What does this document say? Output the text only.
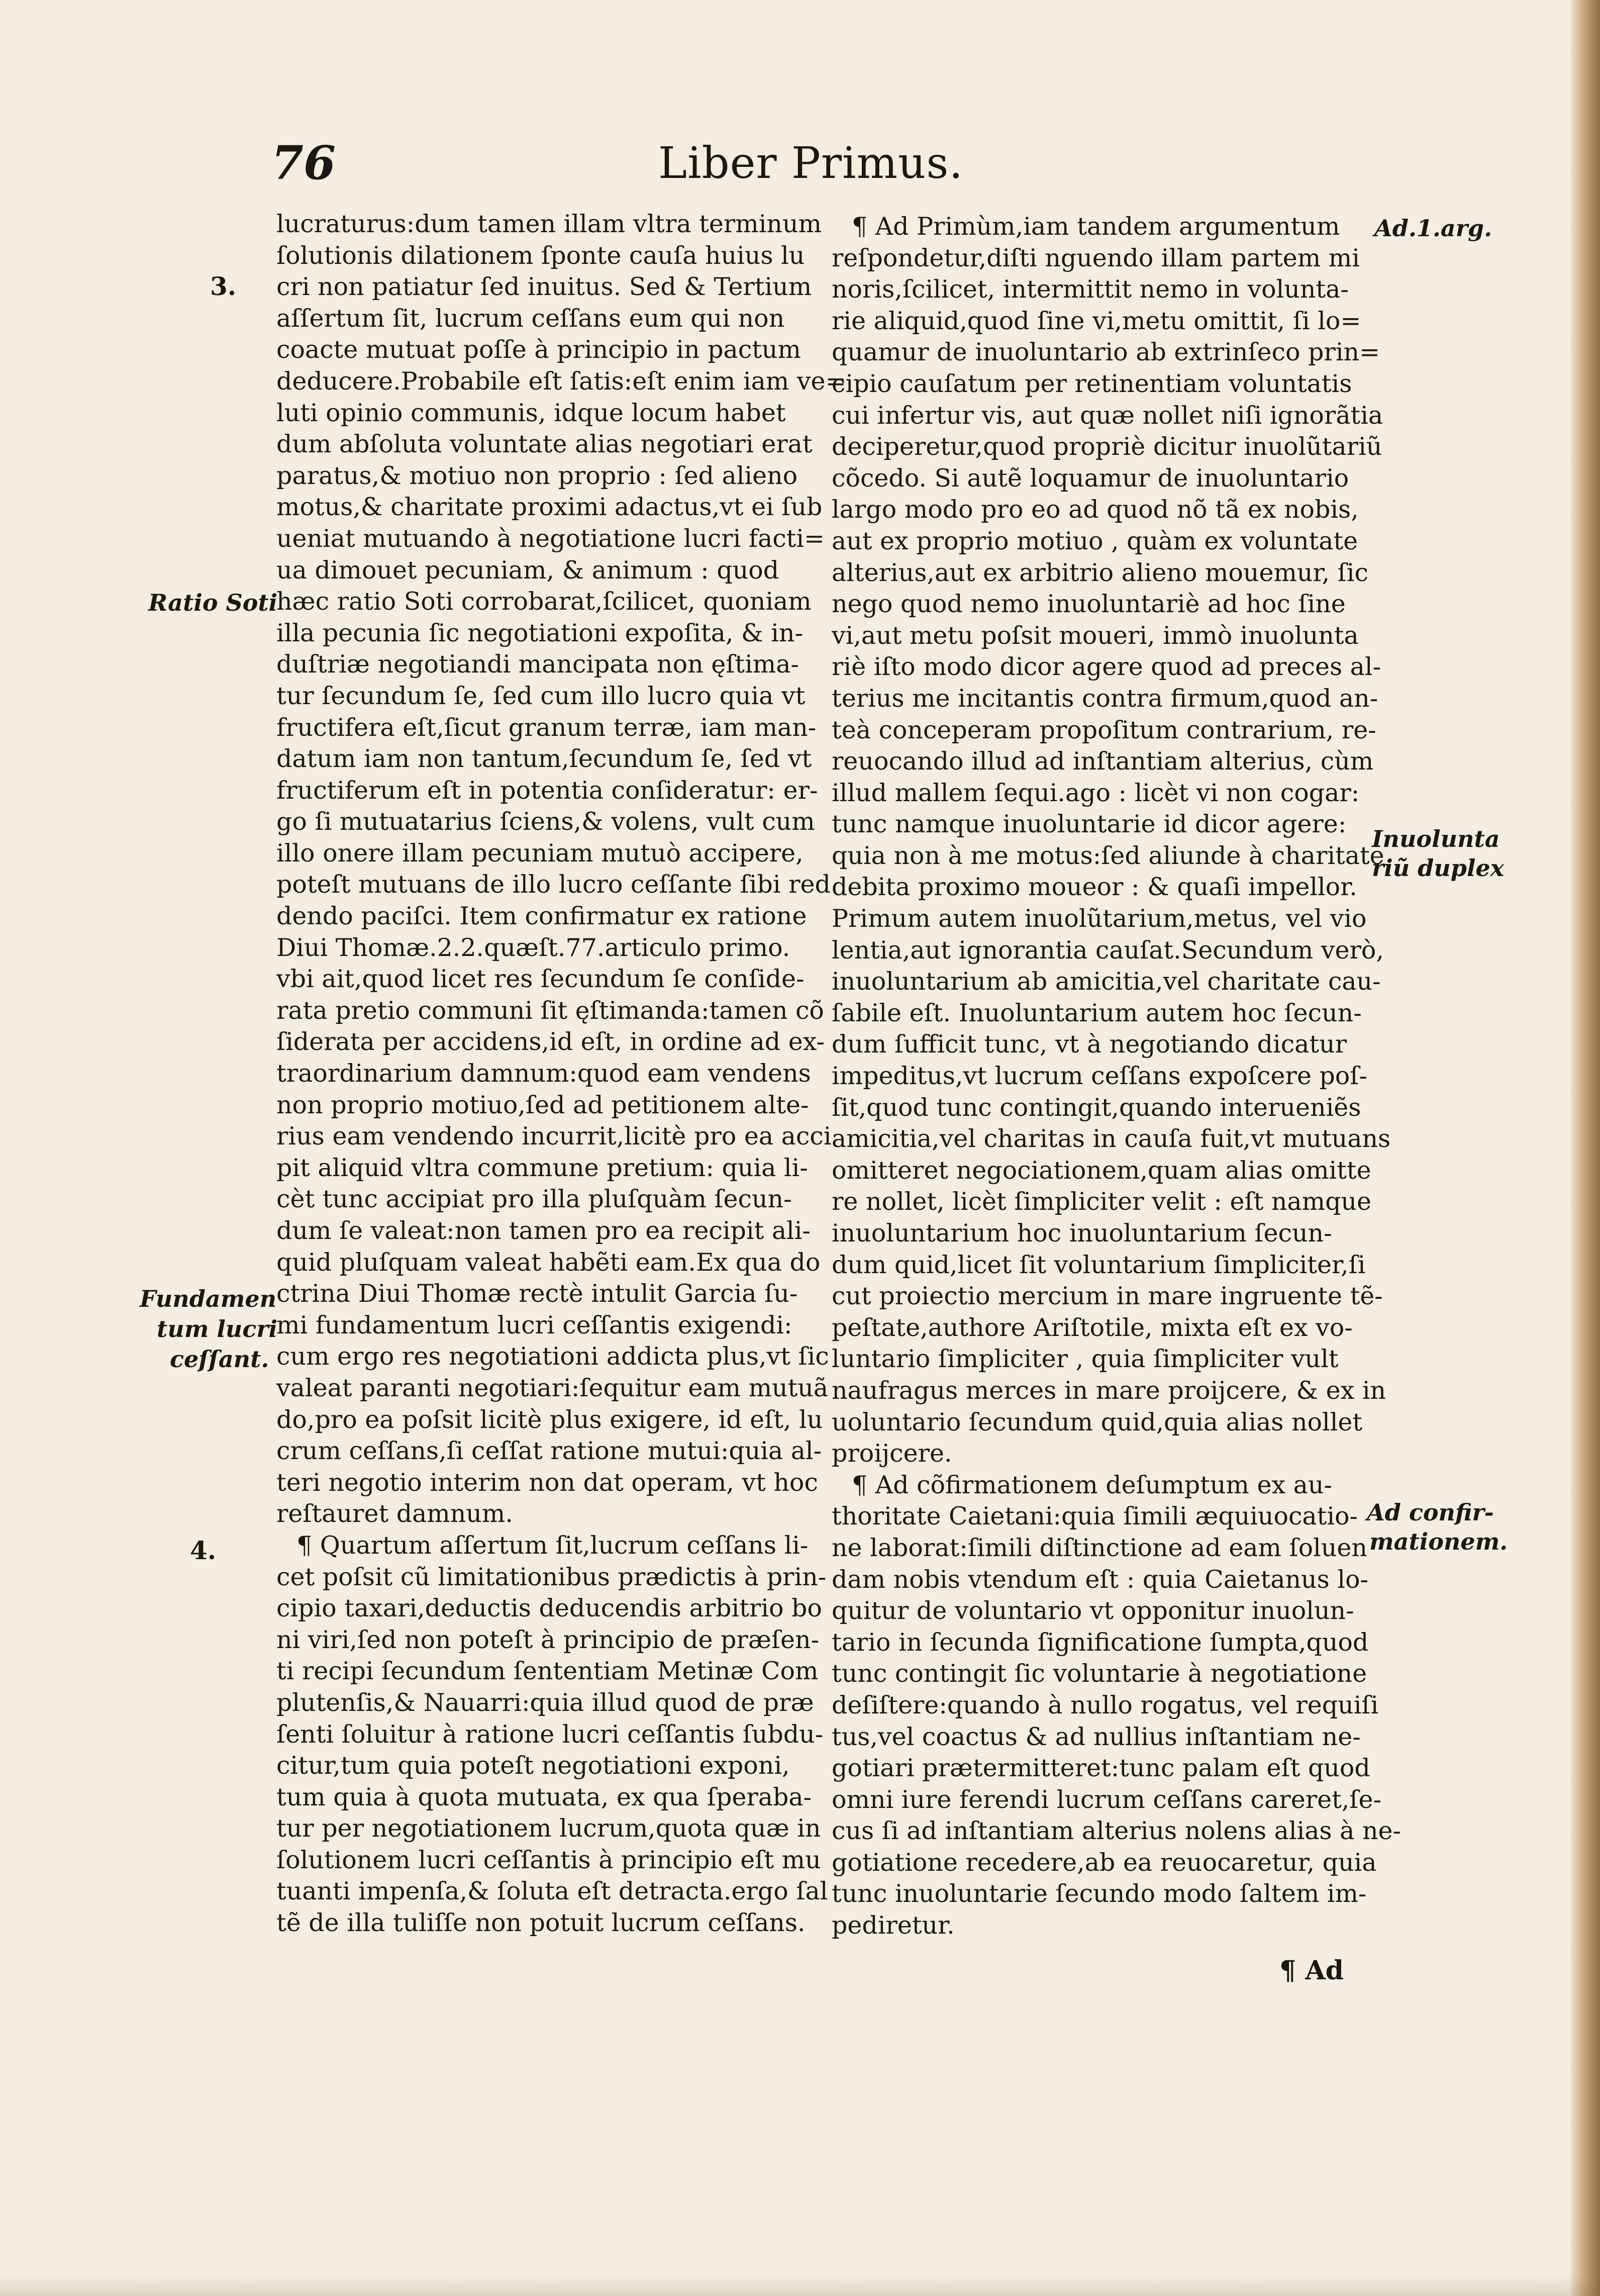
76	Liber Primus.
3.
Ratio Soti
Fundamen
tum lucri
ceſſant.
4.
Ad.1.arg.
Inuolunta
riũ duplex
Ad confir-
mationem.
lucraturus:dum tamen illam vltra terminum
ſolutionis dilationem ſponte cauſa huius lu
cri non patiatur ſed inuitus. Sed & Tertium
aſſertum ſit, lucrum ceſſans eum qui non
coacte mutuat poſſe à principio in pactum
deducere.Probabile eſt ſatis:eſt enim iam ve=
luti opinio communis, idque locum habet
dum abſoluta voluntate alias negotiari erat
paratus,& motiuo non proprio : ſed alieno
motus,& charitate proximi adactus,vt ei ſub
ueniat mutuando à negotiatione lucri facti=
ua dimouet pecuniam, & animum : quod
hæc ratio Soti corrobarat,ſcilicet, quoniam
illa pecunia ſic negotiationi expoſita, & in-
duſtriæ negotiandi mancipata non ęſtima-
tur ſecundum ſe, ſed cum illo lucro quia vt
fructifera eſt,ſicut granum terræ, iam man-
datum iam non tantum,ſecundum ſe, ſed vt
fructiferum eſt in potentia conſideratur: er-
go ſi mutuatarius ſciens,& volens, vult cum
illo onere illam pecuniam mutuò accipere,
poteſt mutuans de illo lucro ceſſante ſibi red
dendo paciſci. Item confirmatur ex ratione
Diui Thomæ.2.2.quæſt.77.articulo primo.
vbi ait,quod licet res ſecundum ſe conſide-
rata pretio communi ſit ęſtimanda:tamen cõ
ſiderata per accidens,id eſt, in ordine ad ex-
traordinarium damnum:quod eam vendens
non proprio motiuo,ſed ad petitionem alte-
rius eam vendendo incurrit,licitè pro ea acci
pit aliquid vltra commune pretium: quia li-
cèt tunc accipiat pro illa pluſquàm ſecun-
dum ſe valeat:non tamen pro ea recipit ali-
quid pluſquam valeat habẽti eam.Ex qua do
ctrina Diui Thomæ rectè intulit Garcia ſu-
mi fundamentum lucri ceſſantis exigendi:
cum ergo res negotiationi addicta plus,vt ſic
valeat paranti negotiari:ſequitur eam mutuã
do,pro ea poſsit licitè plus exigere, id eſt, lu
crum ceſſans,ſi ceſſat ratione mutui:quia al-
teri negotio interim non dat operam, vt hoc
reſtauret damnum.
¶ Quartum aſſertum ſit,lucrum ceſſans li-
cet poſsit cũ limitationibus prædictis à prin-
cipio taxari,deductis deducendis arbitrio bo
ni viri,ſed non poteſt à principio de præſen-
ti recipi ſecundum ſententiam Metinæ Com
plutenſis,& Nauarri:quia illud quod de præ
ſenti ſoluitur à ratione lucri ceſſantis ſubdu-
citur,tum quia poteſt negotiationi exponi,
tum quia à quota mutuata, ex qua ſperaba-
tur per negotiationem lucrum,quota quæ in
ſolutionem lucri ceſſantis à principio eſt mu
tuanti impenſa,& ſoluta eſt detracta.ergo ſal
tẽ de illa tuliſſe non potuit lucrum ceſſans.
¶ Ad Primùm,iam tandem argumentum
reſpondetur,diſti nguendo illam partem mi
noris,ſcilicet, intermittit nemo in volunta-
rie aliquid,quod ſine vi,metu omittit, ſi lo=
quamur de inuoluntario ab extrinſeco prin=
cipio cauſatum per retinentiam voluntatis
cui infertur vis, aut quæ nollet niſi ignorãtia
deciperetur,quod propriè dicitur inuolũtariũ
cõcedo. Si autẽ loquamur de inuoluntario
largo modo pro eo ad quod nõ tã ex nobis,
aut ex proprio motiuo , quàm ex voluntate
alterius,aut ex arbitrio alieno mouemur, ſic
nego quod nemo inuoluntariè ad hoc ſine
vi,aut metu poſsit moueri, immò inuolunta
riè iſto modo dicor agere quod ad preces al-
terius me incitantis contra firmum,quod an-
teà conceperam propoſitum contrarium, re-
reuocando illud ad inſtantiam alterius, cùm
illud mallem ſequi.ago : licèt vi non cogar:
tunc namque inuoluntarie id dicor agere:
quia non à me motus:ſed aliunde à charitate
debita proximo moueor : & quaſi impellor.
Primum autem inuolũtarium,metus, vel vio
lentia,aut ignorantia cauſat.Secundum verò,
inuoluntarium ab amicitia,vel charitate cau-
ſabile eſt. Inuoluntarium autem hoc ſecun-
dum ſufficit tunc, vt à negotiando dicatur
impeditus,vt lucrum ceſſans expoſcere poſ-
ſit,quod tunc contingit,quando interueniẽs
amicitia,vel charitas in cauſa fuit,vt mutuans
omitteret negociationem,quam alias omitte
re nollet, licèt ſimpliciter velit : eſt namque
inuoluntarium hoc inuoluntarium ſecun-
dum quid,licet ſit voluntarium ſimpliciter,ſi
cut proiectio mercium in mare ingruente tẽ-
peſtate,authore Ariſtotile, mixta eſt ex vo-
luntario ſimpliciter , quia ſimpliciter vult
naufragus merces in mare proijcere, & ex in
uoluntario ſecundum quid,quia alias nollet
proijcere.
¶ Ad cõfirmationem deſumptum ex au-
thoritate Caietani:quia ſimili æquiuocatio-
ne laborat:ſimili diſtinctione ad eam ſoluen
dam nobis vtendum eſt : quia Caietanus lo-
quitur de voluntario vt opponitur inuolun-
tario in ſecunda ſignificatione ſumpta,quod
tunc contingit ſic voluntarie à negotiatione
deſiſtere:quando à nullo rogatus, vel requiſi
tus,vel coactus & ad nullius inſtantiam ne-
gotiari prætermitteret:tunc palam eſt quod
omni iure ferendi lucrum ceſſans careret,ſe-
cus ſi ad inſtantiam alterius nolens alias à ne-
gotiatione recedere,ab ea reuocaretur, quia
tunc inuoluntarie ſecundo modo ſaltem im-
pediretur.
¶ Ad
